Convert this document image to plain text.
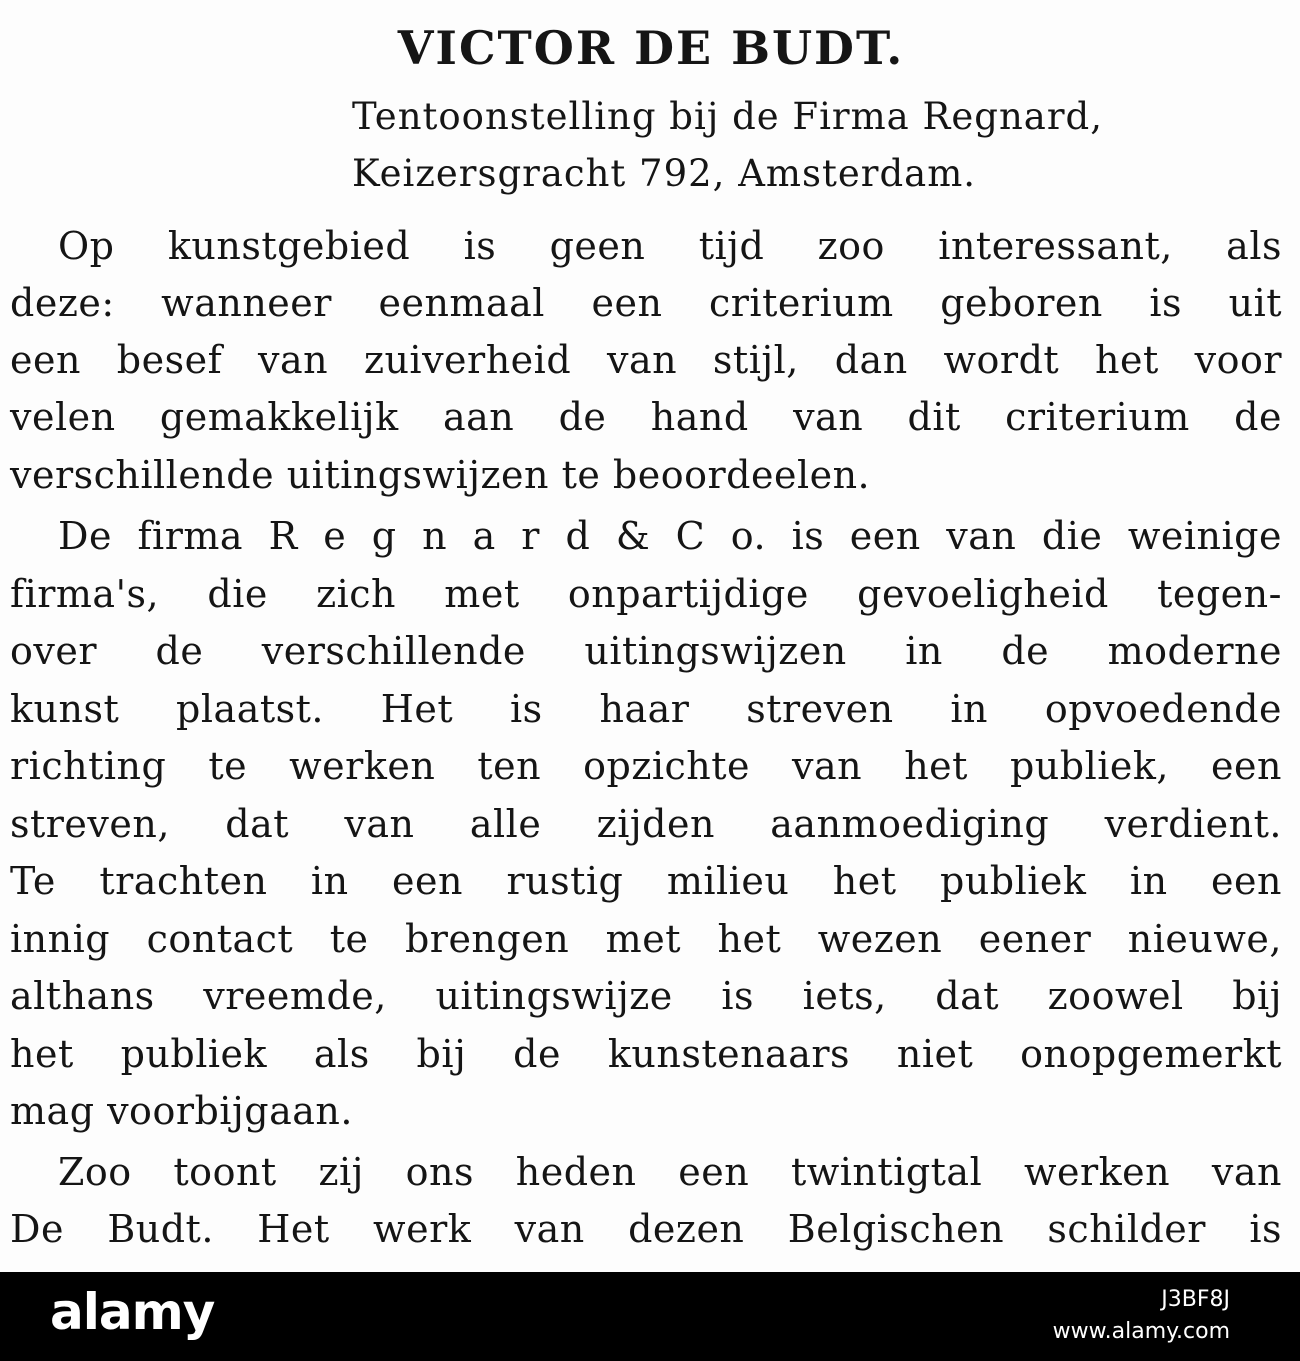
VICTOR DE BUDT.
Tentoonstelling bij de Firma Regnard,
Keizersgracht 792, Amsterdam.
Op kunstgebied is geen tijd zoo interessant, als
deze: wanneer eenmaal een criterium geboren is uit
een besef van zuiverheid van stijl, dan wordt het voor
velen gemakkelijk aan de hand van dit criterium de
verschillende uitingswijzen te beoordeelen.
De firma R e g n a r d & C o. is een van die weinige
firma's, die zich met onpartijdige gevoeligheid tegen-
over de verschillende uitingswijzen in de moderne
kunst plaatst. Het is haar streven in opvoedende
richting te werken ten opzichte van het publiek, een
streven, dat van alle zijden aanmoediging verdient.
Te trachten in een rustig milieu het publiek in een
innig contact te brengen met het wezen eener nieuwe,
althans vreemde, uitingswijze is iets, dat zoowel bij
het publiek als bij de kunstenaars niet onopgemerkt
mag voorbijgaan.
Zoo toont zij ons heden een twintigtal werken van
De Budt. Het werk van dezen Belgischen schilder is
alamy	J3BF8J
www.alamy.com
